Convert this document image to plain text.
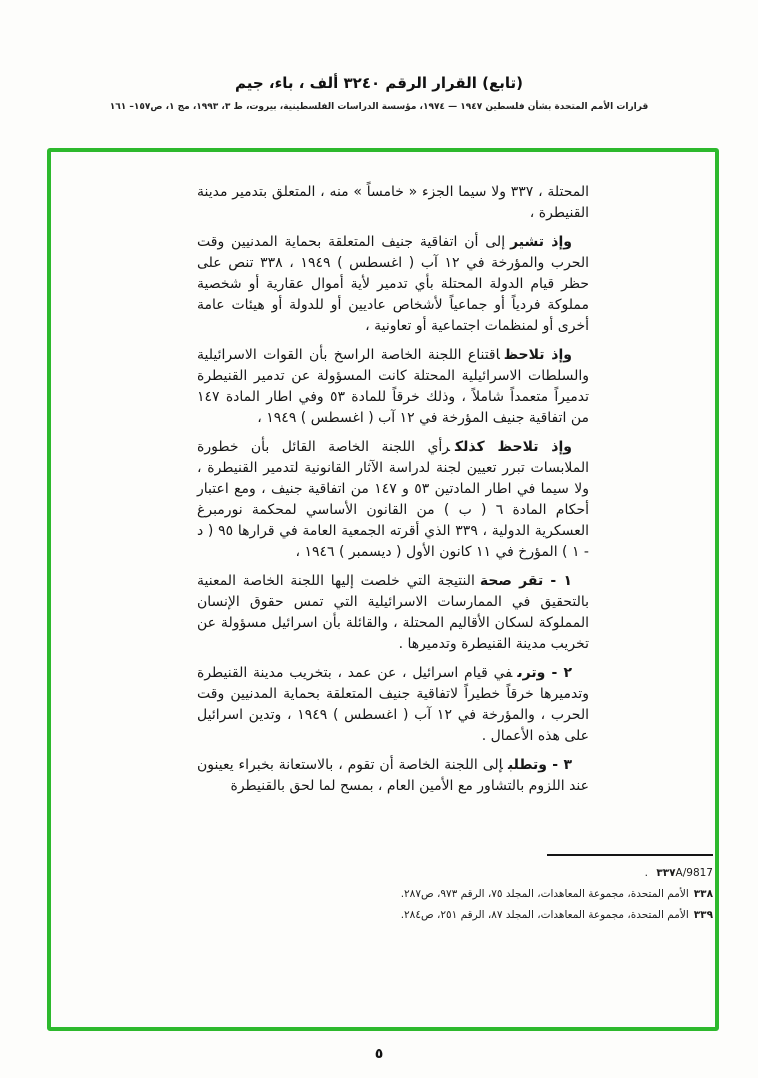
(تابع) القرار الرقم ٣٢٤٠ ألف ، باء، جيم
قرارات الأمم المتحدة بشأن فلسطين ١٩٤٧ — ١٩٧٤، مؤسسة الدراسات الفلسطينية، بيروت، ط ٣، ١٩٩٣، مج ١، ص١٥٧– ١٦١

المحتلة ، ٣٣٧ ولا سيما الجزء « خامساً » منه ، المتعلق بتدمير مدينة القنيطرة ،

وإذ تشيرإلى أن اتفاقية جنيف المتعلقة بحماية المدنيين وقت الحرب والمؤرخة في ١٢ آب ( اغسطس ) ١٩٤٩ ، ٣٣٨ تنص على حظر قيام الدولة المحتلة بأي تدمير لأية أموال عقارية أو شخصية مملوكة فردياً أو جماعياً لأشخاص عاديين أو للدولة أو هيئات عامة أخرى أو لمنظمات اجتماعية أو تعاونية ،

وإذ تلاحظاقتناع اللجنة الخاصة الراسخ بأن القوات الاسرائيلية والسلطات الاسرائيلية المحتلة كانت المسؤولة عن تدمير القنيطرة تدميراً متعمداً شاملاً ، وذلك خرقاً للمادة ٥٣ وفي اطار المادة ١٤٧ من اتفاقية جنيف المؤرخة في ١٢ آب ( اغسطس ) ١٩٤٩ ،

وإذ تلاحظ كذلكرأي اللجنة الخاصة القائل بأن خطورة الملابسات تبرر تعيين لجنة لدراسة الآثار القانونية لتدمير القنيطرة ، ولا سيما في اطار المادتين ٥٣ و ١٤٧ من اتفاقية جنيف ، ومع اعتبار أحكام المادة ٦ ( ب ) من القانون الأساسي لمحكمة نورمبرغ العسكرية الدولية ، ٣٣٩ الذي أقرته الجمعية العامة في قرارها ٩٥ ( د - ١ ) المؤرخ في ١١ كانون الأول ( ديسمبر ) ١٩٤٦ ،

١ - تقر صحةالنتيجة التي خلصت إليها اللجنة الخاصة المعنية بالتحقيق في الممارسات الاسرائيلية التي تمس حقوق الإنسان المملوكة لسكان الأقاليم المحتلة ، والقائلة بأن اسرائيل مسؤولة عن تخريب مدينة القنيطرة وتدميرها .

٢ - وترىفي قيام اسرائيل ، عن عمد ، بتخريب مدينة القنيطرة وتدميرها خرقاً خطيراً لاتفاقية جنيف المتعلقة بحماية المدنيين وقت الحرب ، والمؤرخة في ١٢ آب ( اغسطس ) ١٩٤٩ ، وتدين اسرائيل على هذه الأعمال .

٣ - وتطلبإلى اللجنة الخاصة أن تقوم ، بالاستعانة بخبراء يعينون عند اللزوم بالتشاور مع الأمين العام ، بمسح لما لحق بالقنيطرة

٣٣٧A/9817 .
٣٣٨الأمم المتحدة، مجموعة المعاهدات، المجلد ٧٥، الرقم ٩٧٣، ص٢٨٧.
٣٣٩الأمم المتحدة، مجموعة المعاهدات، المجلد ٨٧، الرقم ٢٥١، ص٢٨٤.
٥
